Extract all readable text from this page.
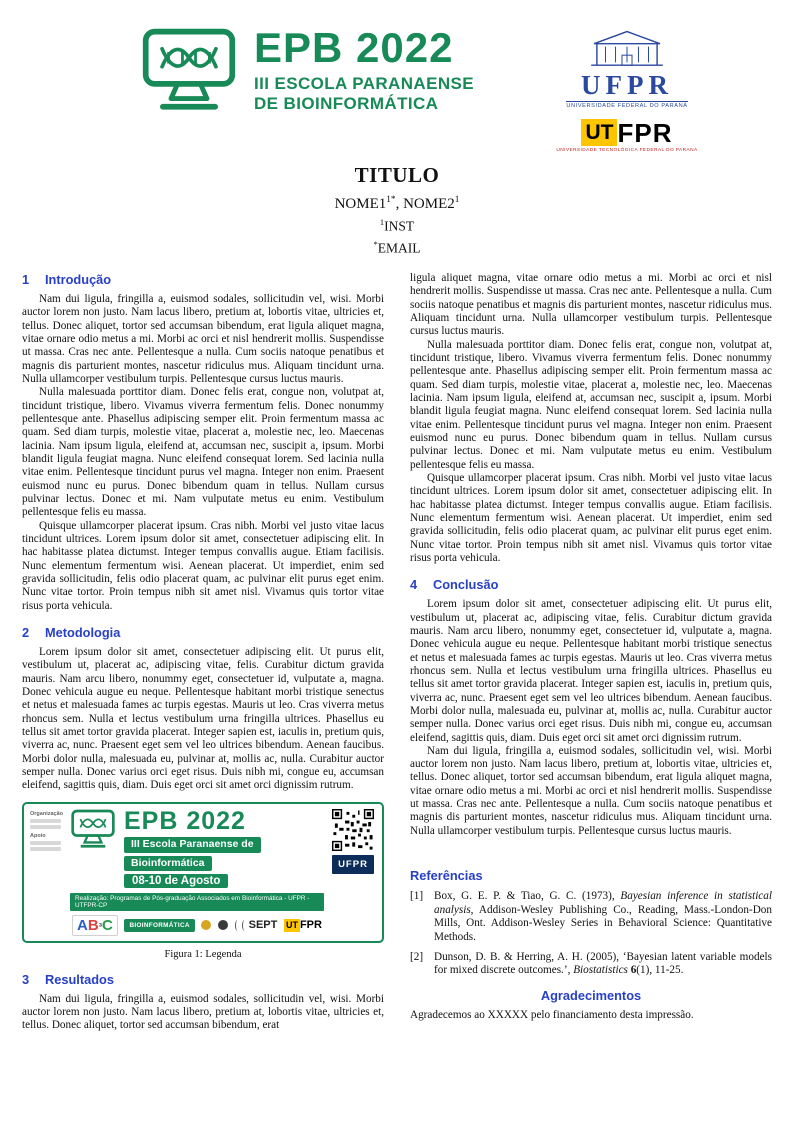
EPB 2022
III ESCOLA PARANAENSE
DE BIOINFORMÁTICA
UFPR
UNIVERSIDADE FEDERAL DO PARANÁ
UT FPR
UNIVERSIDADE TECNOLÓGICA FEDERAL DO PARANÁ
TITULO
$NOME1^{1*}$, $NOME2^1$
$^1$INST
*EMAIL
1 Introdução

Nam dui ligula, fringilla a, euismod sodales, sollicitudin vel, wisi. Morbi auctor lorem non justo. Nam lacus libero, pretium at, lobortis vitae, ultricies et, tellus. Donec aliquet, tortor sed accumsan bibendum, erat ligula aliquet magna, vitae ornare odio metus a mi. Morbi ac orci et nisl hendrerit mollis. Suspendisse ut massa. Cras nec ante. Pellentesque a nulla. Cum sociis natoque penatibus et magnis dis parturient montes, nascetur ridiculus mus. Aliquam tincidunt urna. Nulla ullamcorper vestibulum turpis. Pellentesque cursus luctus mauris.

Nulla malesuada porttitor diam. Donec felis erat, congue non, volutpat at, tincidunt tristique, libero. Vivamus viverra fermentum felis. Donec nonummy pellentesque ante. Phasellus adipiscing semper elit. Proin fermentum massa ac quam. Sed diam turpis, molestie vitae, placerat a, molestie nec, leo. Maecenas lacinia. Nam ipsum ligula, eleifend at, accumsan nec, suscipit a, ipsum. Morbi blandit ligula feugiat magna. Nunc eleifend consequat lorem. Sed lacinia nulla vitae enim. Pellentesque tincidunt purus vel magna. Integer non enim. Praesent euismod nunc eu purus. Donec bibendum quam in tellus. Nullam cursus pulvinar lectus. Donec et mi. Nam vulputate metus eu enim. Vestibulum pellentesque felis eu massa.

Quisque ullamcorper placerat ipsum. Cras nibh. Morbi vel justo vitae lacus tincidunt ultrices. Lorem ipsum dolor sit amet, consectetuer adipiscing elit. In hac habitasse platea dictumst. Integer tempus convallis augue. Etiam facilisis. Nunc elementum fermentum wisi. Aenean placerat. Ut imperdiet, enim sed gravida sollicitudin, felis odio placerat quam, ac pulvinar elit purus eget enim. Nunc vitae tortor. Proin tempus nibh sit amet nisl. Vivamus quis tortor vitae risus porta vehicula.

2 Metodologia

Lorem ipsum dolor sit amet, consectetuer adipiscing elit. Ut purus elit, vestibulum ut, placerat ac, adipiscing vitae, felis. Curabitur dictum gravida mauris. Nam arcu libero, nonummy eget, consectetuer id, vulputate a, magna. Donec vehicula augue eu neque. Pellentesque habitant morbi tristique senectus et netus et malesuada fames ac turpis egestas. Mauris ut leo. Cras viverra metus rhoncus sem. Nulla et lectus vestibulum urna fringilla ultrices. Phasellus eu tellus sit amet tortor gravida placerat. Integer sapien est, iaculis in, pretium quis, viverra ac, nunc. Praesent eget sem vel leo ultrices bibendum. Aenean faucibus. Morbi dolor nulla, malesuada eu, pulvinar at, mollis ac, nulla. Curabitur auctor semper nulla. Donec varius orci eget risus. Duis nibh mi, congue eu, accumsan eleifend, sagittis quis, diam. Duis eget orci sit amet orci dignissim rutrum.

Organização
Apoio
EPB 2022
III Escola Paranaense de
Bioinformática
08-10 de Agosto
Realização: Programas de Pós-graduação Associados em Bioinformática - UFPR - UTFPR-CP
AB³C	BIOINFORMÁTICA	SEPT UT FPR
UFPR
Figura 1: Legenda
3 Resultados

Nam dui ligula, fringilla a, euismod sodales, sollicitudin vel, wisi. Morbi auctor lorem non justo. Nam lacus libero, pretium at, lobortis vitae, ultricies et, tellus. Donec aliquet, tortor sed accumsan bibendum, erat

ligula aliquet magna, vitae ornare odio metus a mi. Morbi ac orci et nisl hendrerit mollis. Suspendisse ut massa. Cras nec ante. Pellentesque a nulla. Cum sociis natoque penatibus et magnis dis parturient montes, nascetur ridiculus mus. Aliquam tincidunt urna. Nulla ullamcorper vestibulum turpis. Pellentesque cursus luctus mauris.

Nulla malesuada porttitor diam. Donec felis erat, congue non, volutpat at, tincidunt tristique, libero. Vivamus viverra fermentum felis. Donec nonummy pellentesque ante. Phasellus adipiscing semper elit. Proin fermentum massa ac quam. Sed diam turpis, molestie vitae, placerat a, molestie nec, leo. Maecenas lacinia. Nam ipsum ligula, eleifend at, accumsan nec, suscipit a, ipsum. Morbi blandit ligula feugiat magna. Nunc eleifend consequat lorem. Sed lacinia nulla vitae enim. Pellentesque tincidunt purus vel magna. Integer non enim. Praesent euismod nunc eu purus. Donec bibendum quam in tellus. Nullam cursus pulvinar lectus. Donec et mi. Nam vulputate metus eu enim. Vestibulum pellentesque felis eu massa.

Quisque ullamcorper placerat ipsum. Cras nibh. Morbi vel justo vitae lacus tincidunt ultrices. Lorem ipsum dolor sit amet, consectetuer adipiscing elit. In hac habitasse platea dictumst. Integer tempus convallis augue. Etiam facilisis. Nunc elementum fermentum wisi. Aenean placerat. Ut imperdiet, enim sed gravida sollicitudin, felis odio placerat quam, ac pulvinar elit purus eget enim. Nunc vitae tortor. Proin tempus nibh sit amet nisl. Vivamus quis tortor vitae risus porta vehicula.

4 Conclusão

Lorem ipsum dolor sit amet, consectetuer adipiscing elit. Ut purus elit, vestibulum ut, placerat ac, adipiscing vitae, felis. Curabitur dictum gravida mauris. Nam arcu libero, nonummy eget, consectetuer id, vulputate a, magna. Donec vehicula augue eu neque. Pellentesque habitant morbi tristique senectus et netus et malesuada fames ac turpis egestas. Mauris ut leo. Cras viverra metus rhoncus sem. Nulla et lectus vestibulum urna fringilla ultrices. Phasellus eu tellus sit amet tortor gravida placerat. Integer sapien est, iaculis in, pretium quis, viverra ac, nunc. Praesent eget sem vel leo ultrices bibendum. Aenean faucibus. Morbi dolor nulla, malesuada eu, pulvinar at, mollis ac, nulla. Curabitur auctor semper nulla. Donec varius orci eget risus. Duis nibh mi, congue eu, accumsan eleifend, sagittis quis, diam. Duis eget orci sit amet orci dignissim rutrum.

Nam dui ligula, fringilla a, euismod sodales, sollicitudin vel, wisi. Morbi auctor lorem non justo. Nam lacus libero, pretium at, lobortis vitae, ultricies et, tellus. Donec aliquet, tortor sed accumsan bibendum, erat ligula aliquet magna, vitae ornare odio metus a mi. Morbi ac orci et nisl hendrerit mollis. Suspendisse ut massa. Cras nec ante. Pellentesque a nulla. Cum sociis natoque penatibus et magnis dis parturient montes, nascetur ridiculus mus. Aliquam tincidunt urna. Nulla ullamcorper vestibulum turpis. Pellentesque cursus luctus mauris.

Referências
[1] Box, G. E. P. & Tiao, G. C. (1973), Bayesian inference in statistical analysis, Addison-Wesley Publishing Co., Reading, Mass.-London-Don Mills, Ont. Addison-Wesley Series in Behavioral Science: Quantitative Methods.
[2] Dunson, D. B. & Herring, A. H. (2005), ‘Bayesian latent variable models for mixed discrete outcomes.’, Biostatistics 6(1), 11-25.
Agradecimentos

Agradecemos ao XXXXX pelo financiamento desta impressão.
